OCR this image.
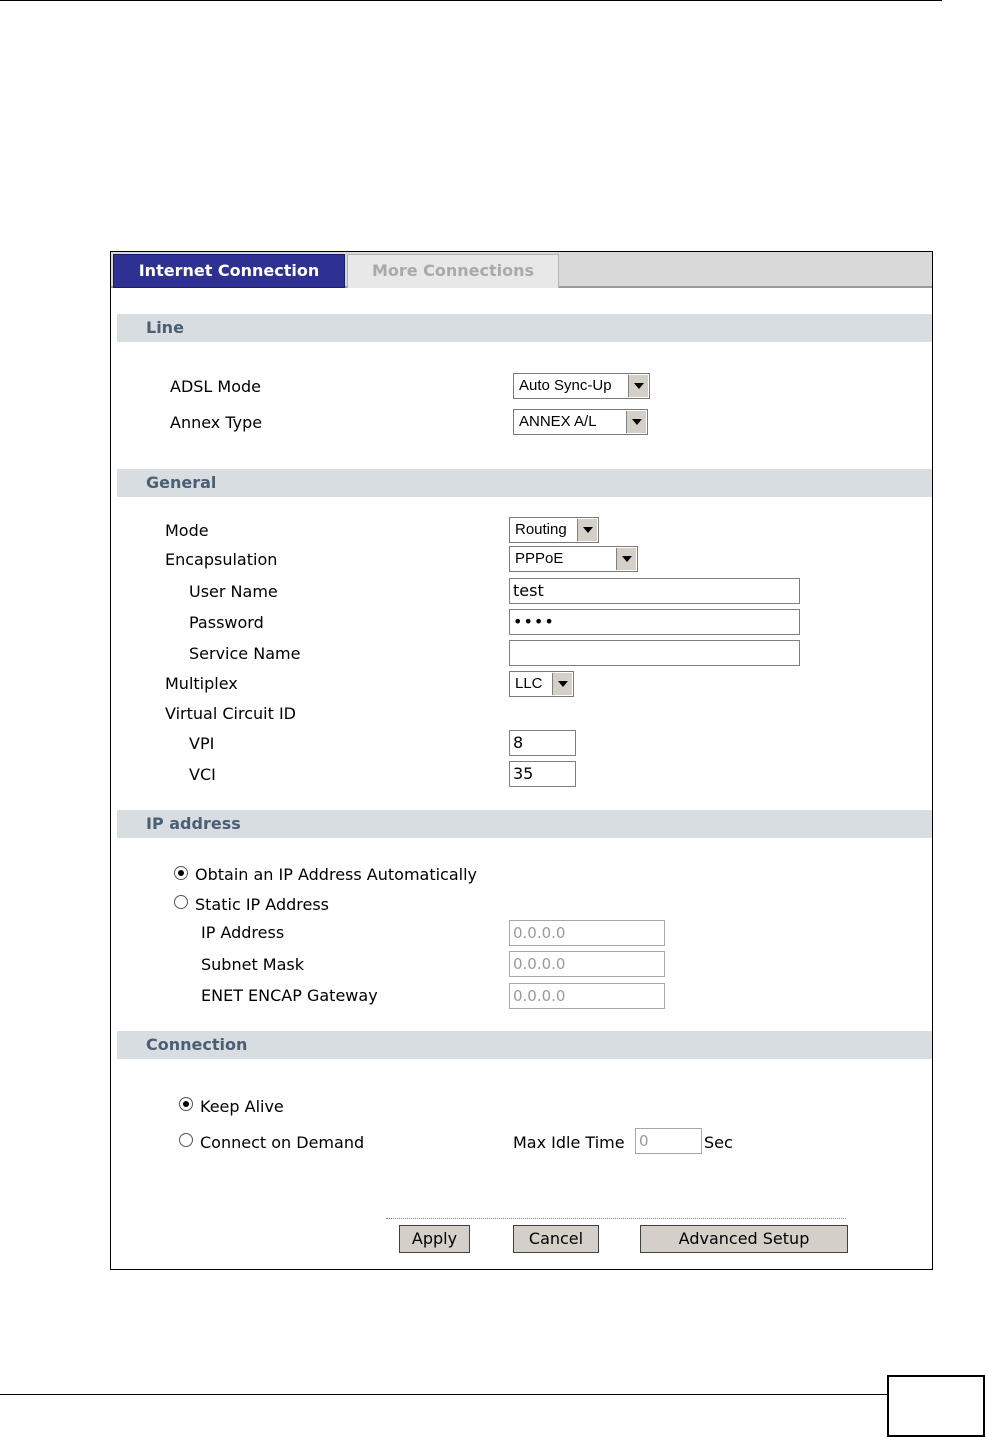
Internet Connection	More Connections
Line
ADSL Mode	Auto Sync-Up
Annex Type	ANNEX A/L
General
Mode	Routing
Encapsulation	PPPoE
User Name	test
Password	••••
Service Name
Multiplex	LLC
Virtual Circuit ID
VPI	8
VCI	35
IP address
Obtain an IP Address Automatically
Static IP Address
IP Address	0.0.0.0
Subnet Mask	0.0.0.0
ENET ENCAP Gateway	0.0.0.0
Connection
Keep Alive
Connect on Demand	Max Idle Time 0	Sec
Apply	Cancel	Advanced Setup
